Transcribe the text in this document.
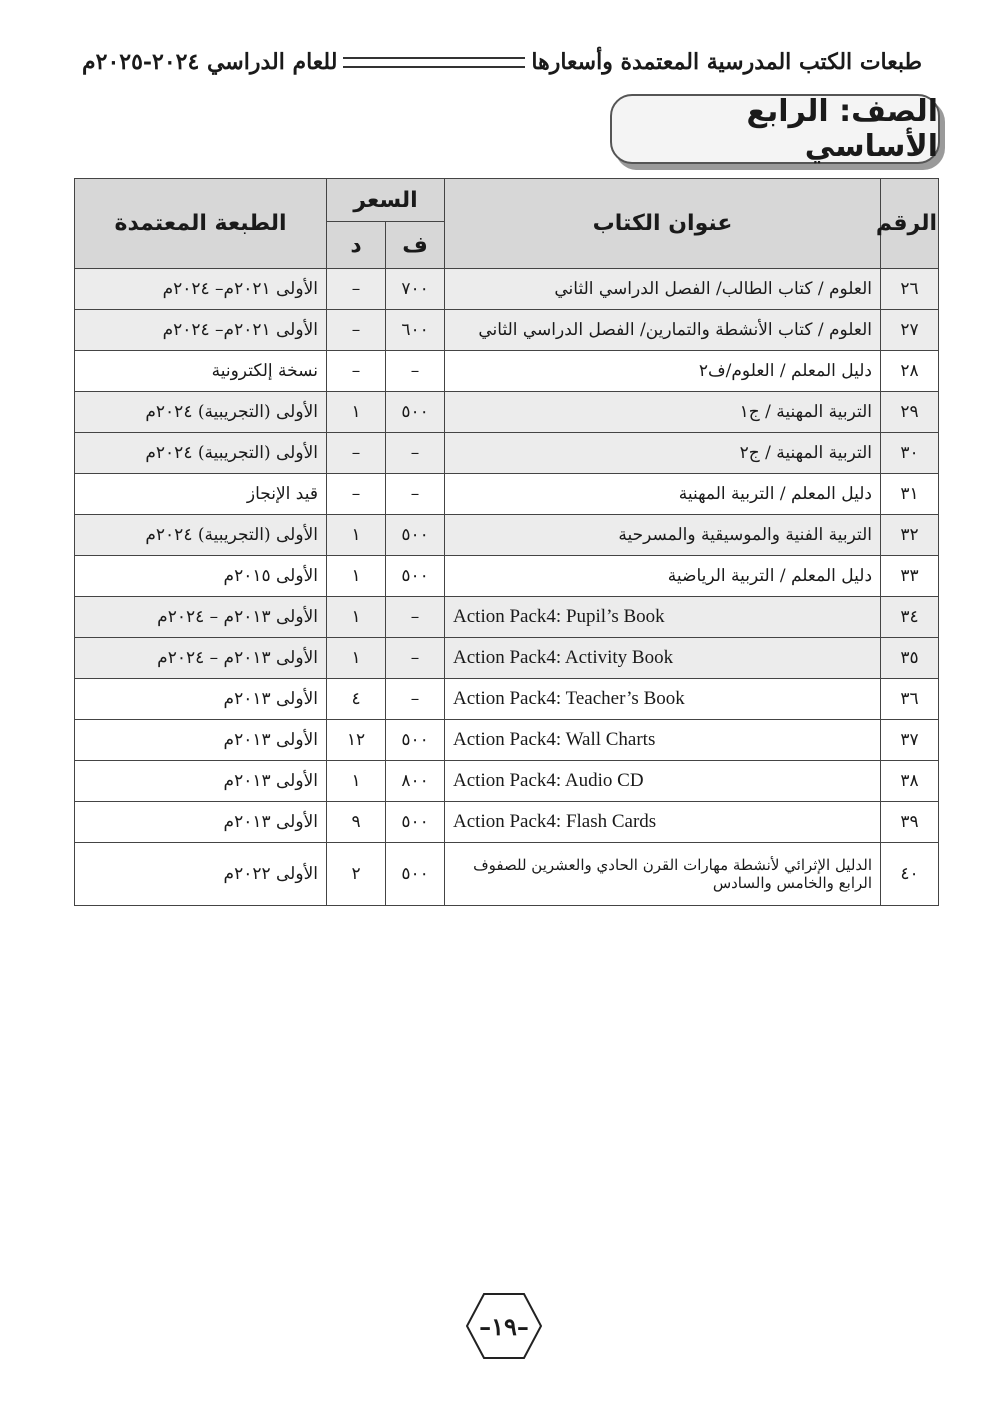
طبعات الكتب المدرسية المعتمدة وأسعارها
للعام الدراسي ٢٠٢٤-٢٠٢٥م
الصف: الرابع الأساسي
الرقم	عنوان الكتاب	السعر		الطبعة المعتمدة
		ف	د	
٢٦	العلوم / كتاب الطالب/ الفصل الدراسي الثاني	٧٠٠	–	الأولى ٢٠٢١م– ٢٠٢٤م
٢٧	العلوم / كتاب الأنشطة والتمارين/ الفصل الدراسي الثاني	٦٠٠	–	الأولى ٢٠٢١م– ٢٠٢٤م
٢٨	دليل المعلم / العلوم/ف٢	–	–	نسخة إلكترونية
٢٩	التربية المهنية / ج١	٥٠٠	١	الأولى (التجريبية) ٢٠٢٤م
٣٠	التربية المهنية / ج٢	–	–	الأولى (التجريبية) ٢٠٢٤م
٣١	دليل المعلم / التربية المهنية	–	–	قيد الإنجاز
٣٢	التربية الفنية والموسيقية والمسرحية	٥٠٠	١	الأولى (التجريبية) ٢٠٢٤م
٣٣	دليل المعلم / التربية الرياضية	٥٠٠	١	الأولى ٢٠١٥م
٣٤	Action Pack4: Pupil’s Book	–	١	الأولى ٢٠١٣م – ٢٠٢٤م
٣٥	Action Pack4: Activity Book	–	١	الأولى ٢٠١٣م – ٢٠٢٤م
٣٦	Action Pack4: Teacher’s Book	–	٤	الأولى ٢٠١٣م
٣٧	Action Pack4: Wall Charts	٥٠٠	١٢	الأولى ٢٠١٣م
٣٨	Action Pack4: Audio CD	٨٠٠	١	الأولى ٢٠١٣م
٣٩	Action Pack4: Flash Cards	٥٠٠	٩	الأولى ٢٠١٣م
٤٠	الدليل الإثرائي لأنشطة مهارات القرن الحادي والعشرين للصفوف الرابع والخامس والسادس	٥٠٠	٢	الأولى ٢٠٢٢م
–١٩–
